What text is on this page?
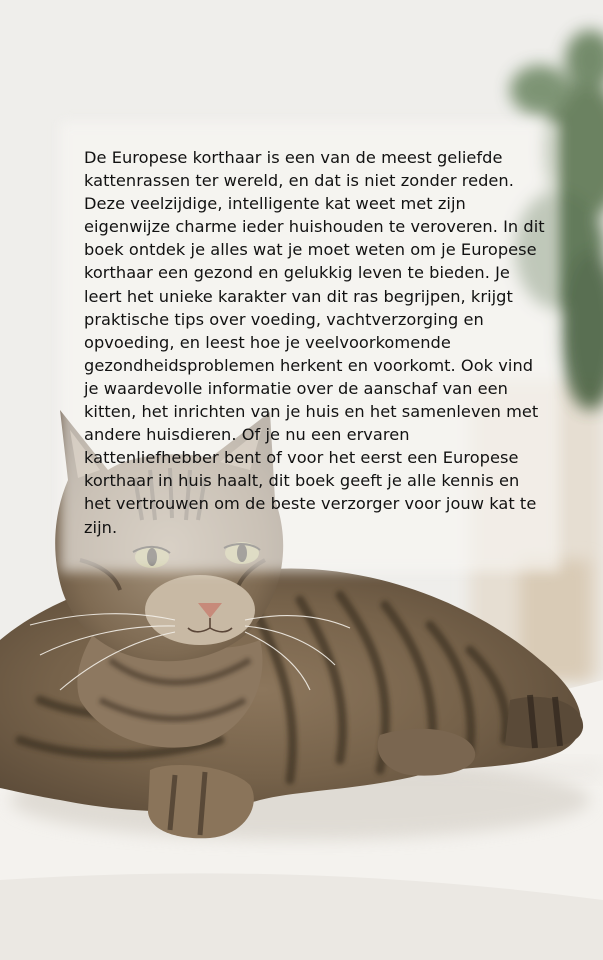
De Europese korthaar is een van de meest geliefde kattenrassen ter wereld, en dat is niet zonder reden. Deze veelzijdige, intelligente kat weet met zijn eigenwijze charme ieder huishouden te veroveren. In dit boek ontdek je alles wat je moet weten om je Europese korthaar een gezond en gelukkig leven te bieden. Je leert het unieke karakter van dit ras begrijpen, krijgt praktische tips over voeding, vachtverzorging en opvoeding, en leest hoe je veelvoorkomende gezondheidsproblemen herkent en voorkomt. Ook vind je waardevolle informatie over de aanschaf van een kitten, het inrichten van je huis en het samenleven met andere huisdieren. Of je nu een ervaren kattenliefhebber bent of voor het eerst een Europese korthaar in huis haalt, dit boek geeft je alle kennis en het vertrouwen om de beste verzorger voor jouw kat te zijn.
